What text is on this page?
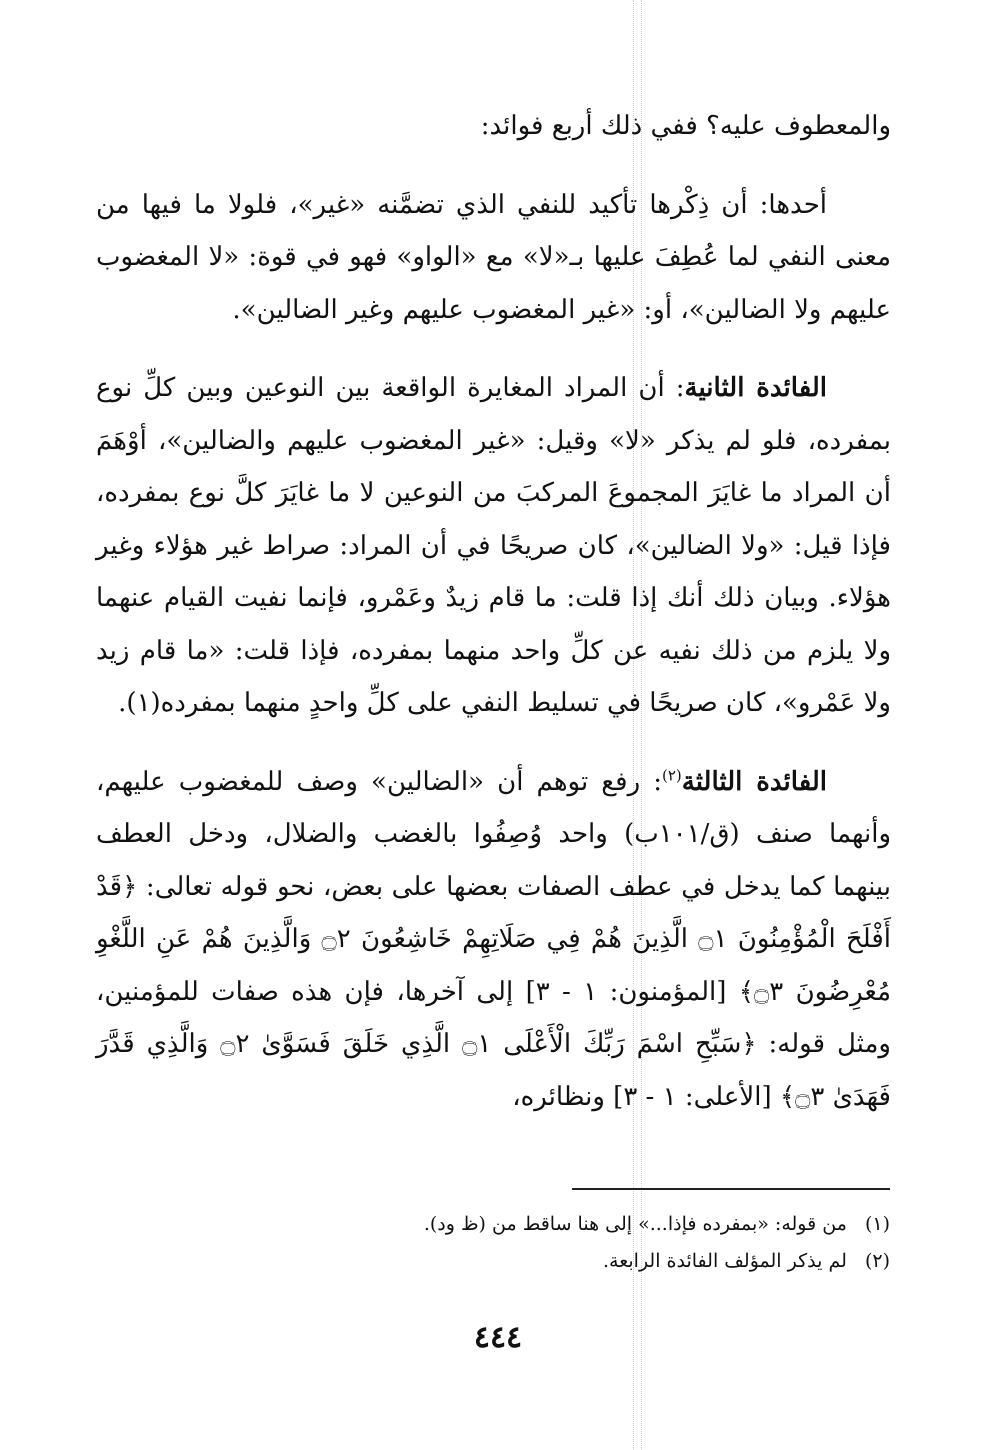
والمعطوف عليه؟ ففي ذلك أربع فوائد:

أحدها: أن ذِكْرها تأكيد للنفي الذي تضمَّنه «غير»، فلولا ما فيها من معنى النفي لما عُطِفَ عليها بـ«لا» مع «الواو» فهو في قوة: «لا المغضوب عليهم ولا الضالين»، أو: «غير المغضوب عليهم وغير الضالين».

الفائدة الثانية: أن المراد المغايرة الواقعة بين النوعين وبين كلِّ نوع بمفرده، فلو لم يذكر «لا» وقيل: «غير المغضوب عليهم والضالين»، أوْهَمَ أن المراد ما غايَرَ المجموعَ المركبَ من النوعين لا ما غايَرَ كلَّ نوع بمفرده، فإذا قيل: «ولا الضالين»، كان صريحًا في أن المراد: صراط غير هؤلاء وغير هؤلاء. وبيان ذلك أنك إذا قلت: ما قام زيدٌ وعَمْرو، فإنما نفيت القيام عنهما ولا يلزم من ذلك نفيه عن كلِّ واحد منهما بمفرده، فإذا قلت: «ما قام زيد ولا عَمْرو»، كان صريحًا في تسليط النفي على كلِّ واحدٍ منهما بمفرده(١).

الفائدة الثالثة$^{(٢)}$: رفع توهم أن «الضالين» وصف للمغضوب عليهم، وأنهما صنف (ق/١٠١ب) واحد وُصِفُوا بالغضب والضلال، ودخل العطف بينهما كما يدخل في عطف الصفات بعضها على بعض، نحو قوله تعالى: ﴿قَدْ أَفْلَحَ الْمُؤْمِنُونَ ۝١ الَّذِينَ هُمْ فِي صَلَاتِهِمْ خَاشِعُونَ ۝٢ وَالَّذِينَ هُمْ عَنِ اللَّغْوِ مُعْرِضُونَ ۝٣﴾ [المؤمنون: ١ - ٣] إلى آخرها، فإن هذه صفات للمؤمنين، ومثل قوله: ﴿سَبِّحِ اسْمَ رَبِّكَ الْأَعْلَى ۝١ الَّذِي خَلَقَ فَسَوَّىٰ ۝٢ وَالَّذِي قَدَّرَ فَهَدَىٰ ۝٣﴾ [الأعلى: ١ - ٣] ونظائره،

(١) من قوله: «بمفرده فإذا...» إلى هنا ساقط من (ظ ود).
(٢) لم يذكر المؤلف الفائدة الرابعة.
٤٤٤
